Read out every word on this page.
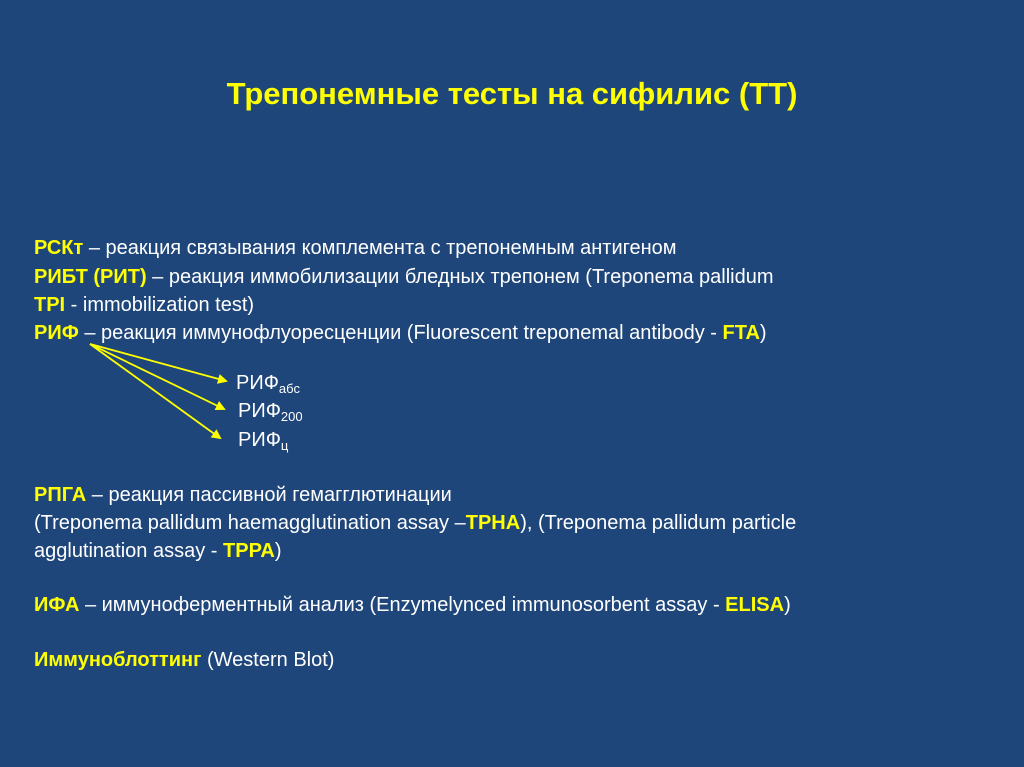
Трепонемные тесты на сифилис (ТТ)
РСКт – реакция связывания комплемента с трепонемным антигеном
РИБТ (РИТ) – реакция иммобилизации бледных трепонем (Treponema pallidum
TPI - immobilization test)
РИФ – реакция иммунофлуоресценции (Fluorescent treponemal antibody - FTA)
$РИФ_{абс}$
$РИФ_{200}$
$РИФ_ц$
РПГА – реакция пассивной гемагглютинации
(Treponema pallidum haemagglutination assay –TPHA), (Treponema pallidum particle
agglutination assay - TPPA)
ИФА – иммуноферментный анализ (Enzymelynced immunosorbent assay - ELISA)
Иммуноблоттинг (Western Blot)
